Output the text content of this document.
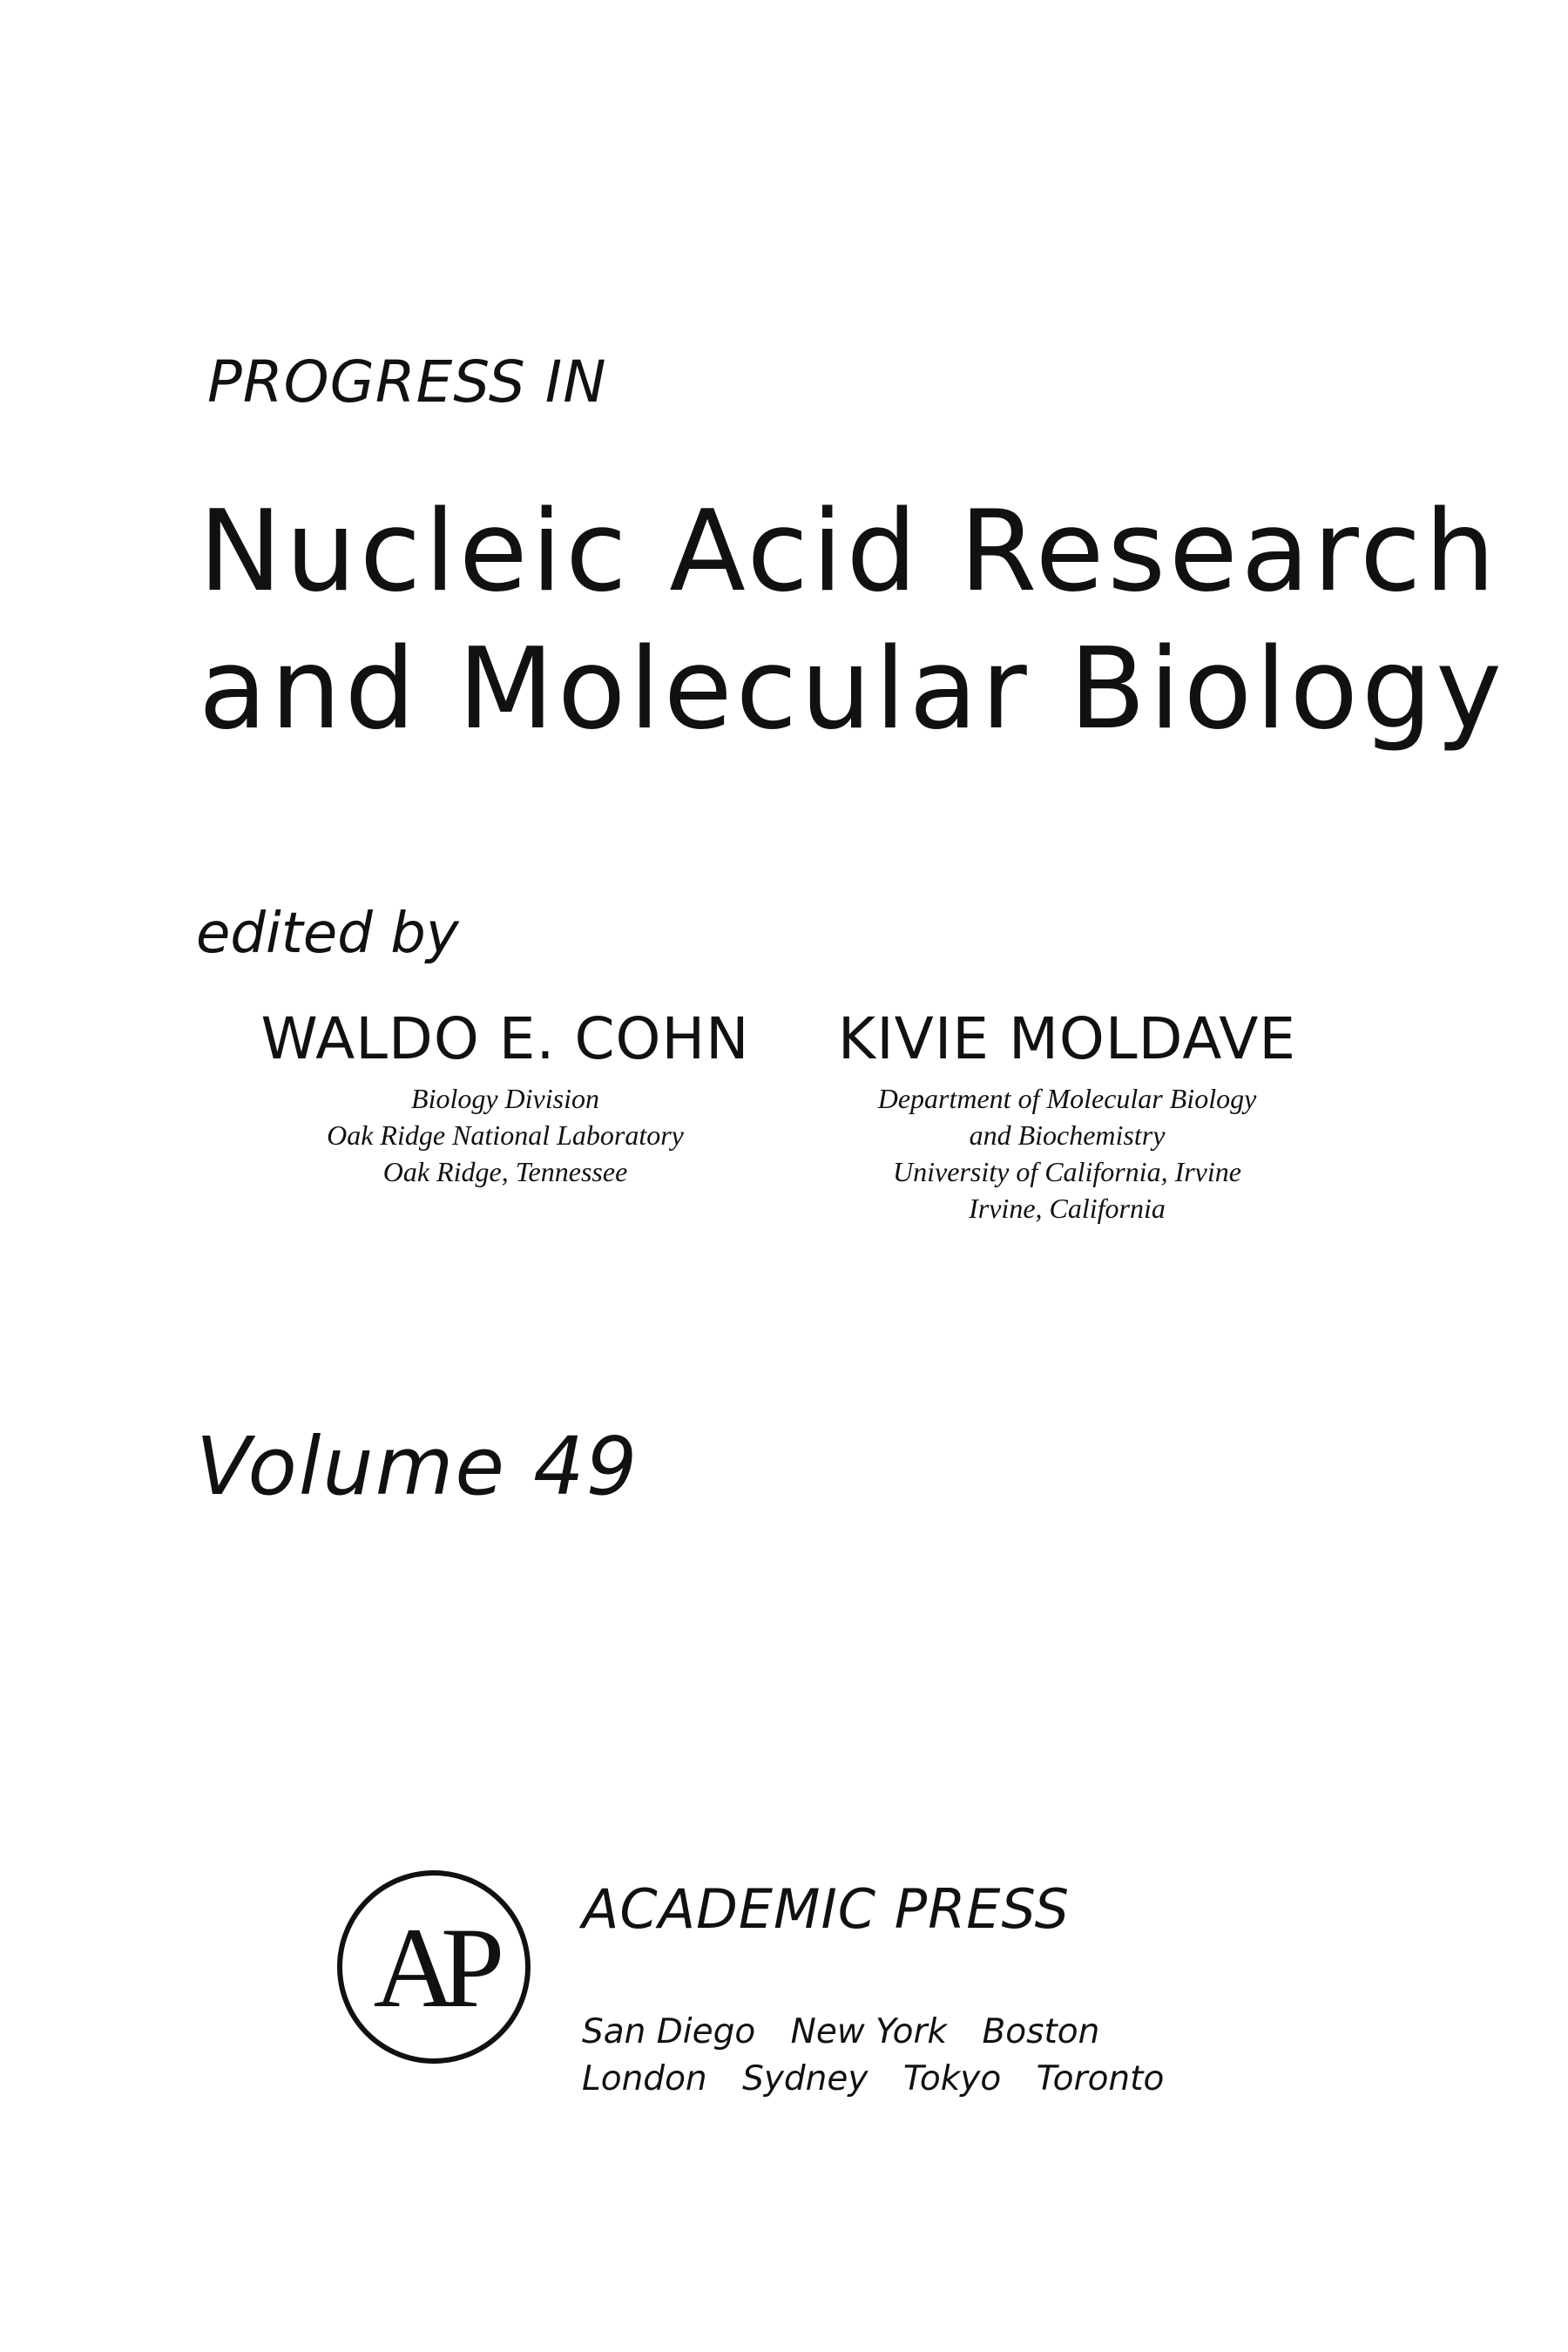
PROGRESS IN
Nucleic Acid Research
and Molecular Biology
edited by
WALDO E. COHN
Biology Division
Oak Ridge National Laboratory
Oak Ridge, Tennessee
KIVIE MOLDAVE
Department of Molecular Biology
and Biochemistry
University of California, Irvine
Irvine, California
Volume 49
AP ACADEMIC PRESS
San Diego New York Boston
London Sydney Tokyo Toronto
